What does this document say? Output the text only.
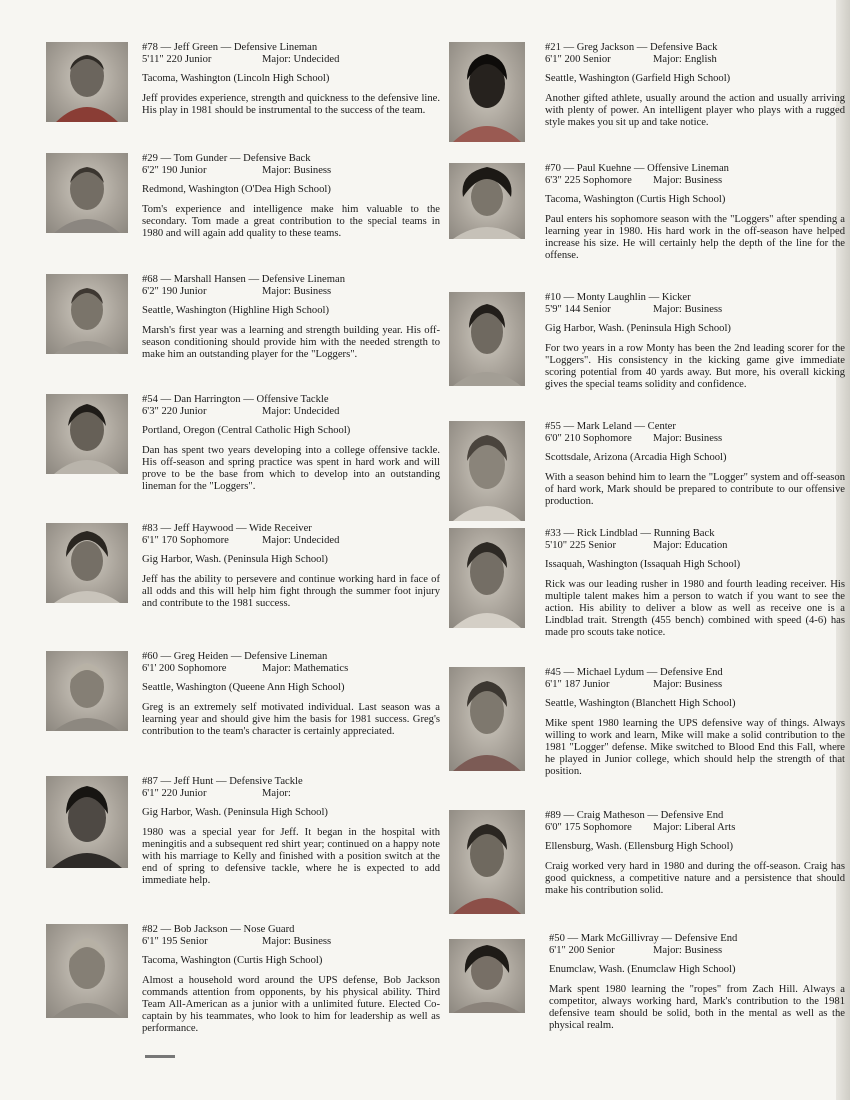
#78 — Jeff Green — Defensive Lineman
5'11" 220 Junior	Major: Undecided
Tacoma, Washington (Lincoln High School)
Jeff provides experience, strength and quickness to the defensive line. His play in 1981 should be instrumental to the success of the team.
#29 — Tom Gunder — Defensive Back
6'2" 190 Junior	Major: Business
Redmond, Washington (O'Dea High School)
Tom's experience and intelligence make him valuable to the secondary. Tom made a great contribution to the special teams in 1980 and will again add quality to these teams.
#68 — Marshall Hansen — Defensive Lineman
6'2" 190 Junior	Major: Business
Seattle, Washington (Highline High School)
Marsh's first year was a learning and strength building year. His off-season conditioning should provide him with the needed strength to make him an outstanding player for the "Loggers".
#54 — Dan Harrington — Offensive Tackle
6'3" 220 Junior	Major: Undecided
Portland, Oregon (Central Catholic High School)
Dan has spent two years developing into a college offensive tackle. His off-season and spring practice was spent in hard work and will prove to be the base from which to develop into an outstanding lineman for the "Loggers".
#83 — Jeff Haywood — Wide Receiver
6'1" 170 Sophomore	Major: Undecided
Gig Harbor, Wash. (Peninsula High School)
Jeff has the ability to persevere and continue working hard in face of all odds and this will help him fight through the summer foot injury and contribute to the 1981 success.
#60 — Greg Heiden — Defensive Lineman
6'1' 200 Sophomore	Major: Mathematics
Seattle, Washington (Queene Ann High School)
Greg is an extremely self motivated individual. Last season was a learning year and should give him the basis for 1981 success. Greg's contribution to the team's character is certainly appreciated.
#87 — Jeff Hunt — Defensive Tackle
6'1" 220 Junior	Major:
Gig Harbor, Wash. (Peninsula High School)
1980 was a special year for Jeff. It began in the hospital with meningitis and a subsequent red shirt year; continued on a happy note with his marriage to Kelly and finished with a position switch at the end of spring to defensive tackle, where he is expected to add immediate help.
#82 — Bob Jackson — Nose Guard
6'1" 195 Senior	Major: Business
Tacoma, Washington (Curtis High School)
Almost a household word around the UPS defense, Bob Jackson commands attention from opponents, by his physical ability. Third Team All-American as a junior with a unlimited future. Elected Co-captain by his teammates, who look to him for leadership as well as performance.
#21 — Greg Jackson — Defensive Back
6'1" 200 Senior	Major: English
Seattle, Washington (Garfield High School)
Another gifted athlete, usually around the action and usually arriving with plenty of power. An intelligent player who plays with a rugged style makes you sit up and take notice.
#70 — Paul Kuehne — Offensive Lineman
6'3" 225 Sophomore Major: Business
Tacoma, Washington (Curtis High School)
Paul enters his sophomore season with the "Loggers" after spending a learning year in 1980. His hard work in the off-season have helped increase his size. He will certainly help the depth of the line for the offense.
#10 — Monty Laughlin — Kicker
5'9" 144 Senior	Major: Business
Gig Harbor, Wash. (Peninsula High School)
For two years in a row Monty has been the 2nd leading scorer for the "Loggers". His consistency in the kicking game give immediate scoring potential from 40 yards away. But more, his overall kicking gives the special teams solidity and confidence.
#55 — Mark Leland — Center
6'0" 210 Sophomore Major: Business
Scottsdale, Arizona (Arcadia High School)
With a season behind him to learn the "Logger" system and off-season of hard work, Mark should be prepared to contribute to our offensive production.
#33 — Rick Lindblad — Running Back
5'10" 225 Senior	Major: Education
Issaquah, Washington (Issaquah High School)
Rick was our leading rusher in 1980 and fourth leading receiver. His multiple talent makes him a person to watch if you want to see the action. His ability to deliver a blow as well as receive one is a Lindblad trait. Strength (455 bench) combined with speed (4-6) has made pro scouts take notice.
#45 — Michael Lydum — Defensive End
6'1" 187 Junior	Major: Business
Seattle, Washington (Blanchett High School)
Mike spent 1980 learning the UPS defensive way of things. Always willing to work and learn, Mike will make a solid contribution to the 1981 "Logger" defense. Mike switched to Blood End this Fall, where he played in Junior college, which should help the strength of that position.
#89 — Craig Matheson — Defensive End
6'0" 175 Sophomore Major: Liberal Arts
Ellensburg, Wash. (Ellensburg High School)
Craig worked very hard in 1980 and during the off-season. Craig has good quickness, a competitive nature and a persistence that should make his contribution solid.
#50 — Mark McGillivray — Defensive End
6'1" 200 Senior	Major: Business
Enumclaw, Wash. (Enumclaw High School)
Mark spent 1980 learning the "ropes" from Zach Hill. Always a competitor, always working hard, Mark's contribution to the 1981 defensive team should be solid, both in the mental as well as the physical realm.
